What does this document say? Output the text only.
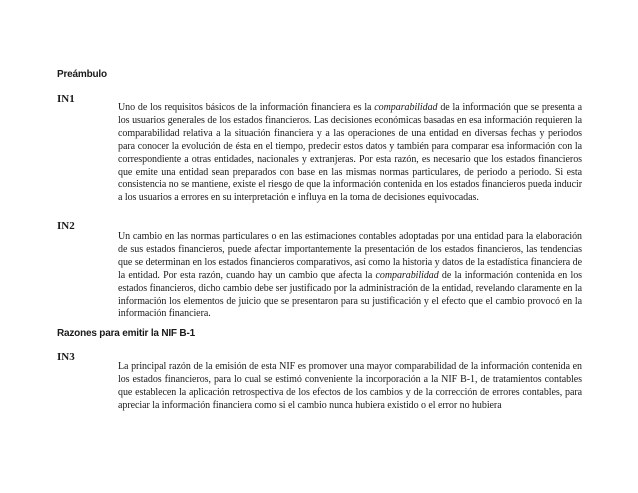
Preámbulo
IN1
Uno de los requisitos básicos de la información financiera es la comparabilidad de la información que se presenta a los usuarios generales de los estados financieros. Las decisiones económicas basadas en esa información requieren la comparabilidad relativa a la situación financiera y a las operaciones de una entidad en diversas fechas y periodos para conocer la evolución de ésta en el tiempo, predecir estos datos y también para comparar esa información con la correspondiente a otras entidades, nacionales y extranjeras. Por esta razón, es necesario que los estados financieros que emite una entidad sean preparados con base en las mismas normas particulares, de periodo a periodo. Si esta consistencia no se mantiene, existe el riesgo de que la información contenida en los estados financieros pueda inducir a los usuarios a errores en su interpretación e influya en la toma de decisiones equivocadas.
IN2
Un cambio en las normas particulares o en las estimaciones contables adoptadas por una entidad para la elaboración de sus estados financieros, puede afectar importantemente la presentación de los estados financieros, las tendencias que se determinan en los estados financieros comparativos, así como la historia y datos de la estadística financiera de la entidad. Por esta razón, cuando hay un cambio que afecta la comparabilidad de la información contenida en los estados financieros, dicho cambio debe ser justificado por la administración de la entidad, revelando claramente en la información los elementos de juicio que se presentaron para su justificación y el efecto que el cambio provocó en la información financiera.
Razones para emitir la NIF B-1
IN3
La principal razón de la emisión de esta NIF es promover una mayor comparabilidad de la información contenida en los estados financieros, para lo cual se estimó conveniente la incorporación a la NIF B-1, de tratamientos contables que establecen la aplicación retrospectiva de los efectos de los cambios y de la corrección de errores contables, para apreciar la información financiera como si el cambio nunca hubiera existido o el error no hubiera
